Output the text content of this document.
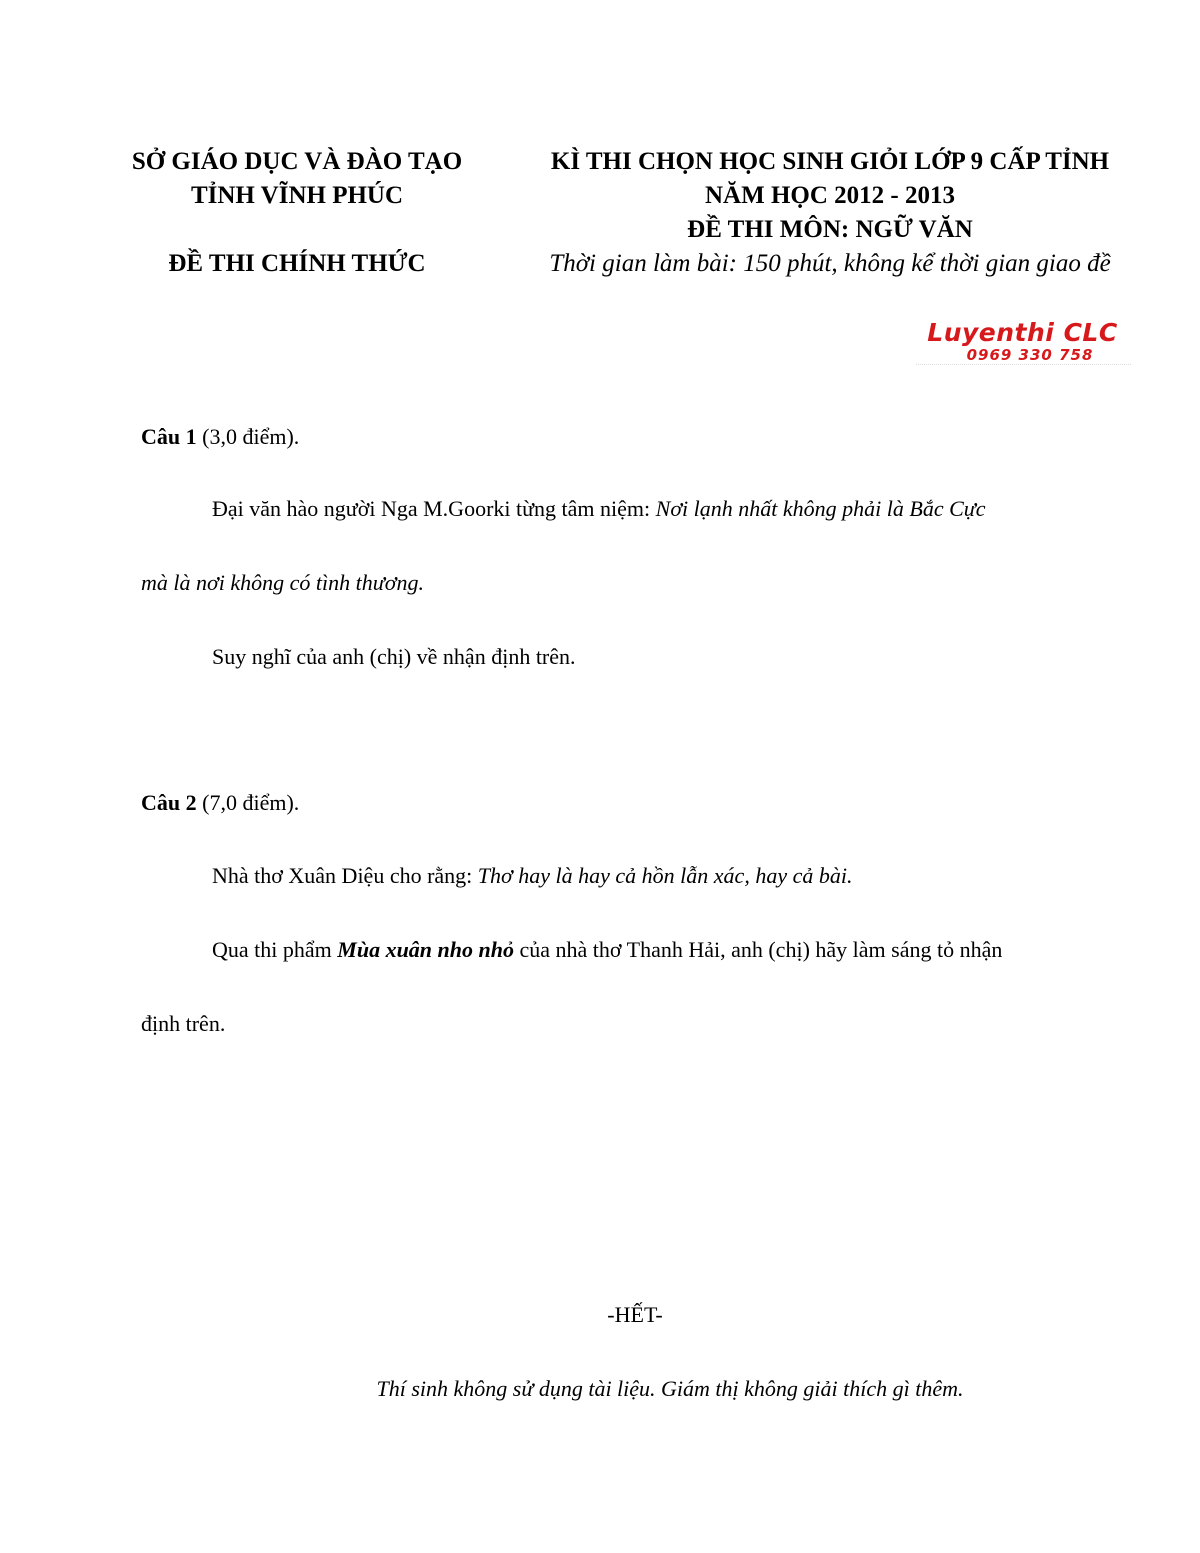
SỞ GIÁO DỤC VÀ ĐÀO TẠO
TỈNH VĨNH PHÚC
ĐỀ THI CHÍNH THỨC
KÌ THI CHỌN HỌC SINH GIỎI LỚP 9 CẤP TỈNH
NĂM HỌC 2012 - 2013
ĐỀ THI MÔN: NGỮ VĂN
Thời gian làm bài: 150 phút, không kể thời gian giao đề
Luyenthi CLC
0969 330 758
Câu 1 (3,0 điểm).
Đại văn hào người Nga M.Goorki từng tâm niệm: Nơi lạnh nhất không phải là Bắc Cực
mà là nơi không có tình thương.
Suy nghĩ của anh (chị) về nhận định trên.
Câu 2 (7,0 điểm).
Nhà thơ Xuân Diệu cho rằng: Thơ hay là hay cả hồn lẫn xác, hay cả bài.
Qua thi phẩm Mùa xuân nho nhỏ của nhà thơ Thanh Hải, anh (chị) hãy làm sáng tỏ nhận
định trên.
-HẾT-
Thí sinh không sử dụng tài liệu. Giám thị không giải thích gì thêm.
